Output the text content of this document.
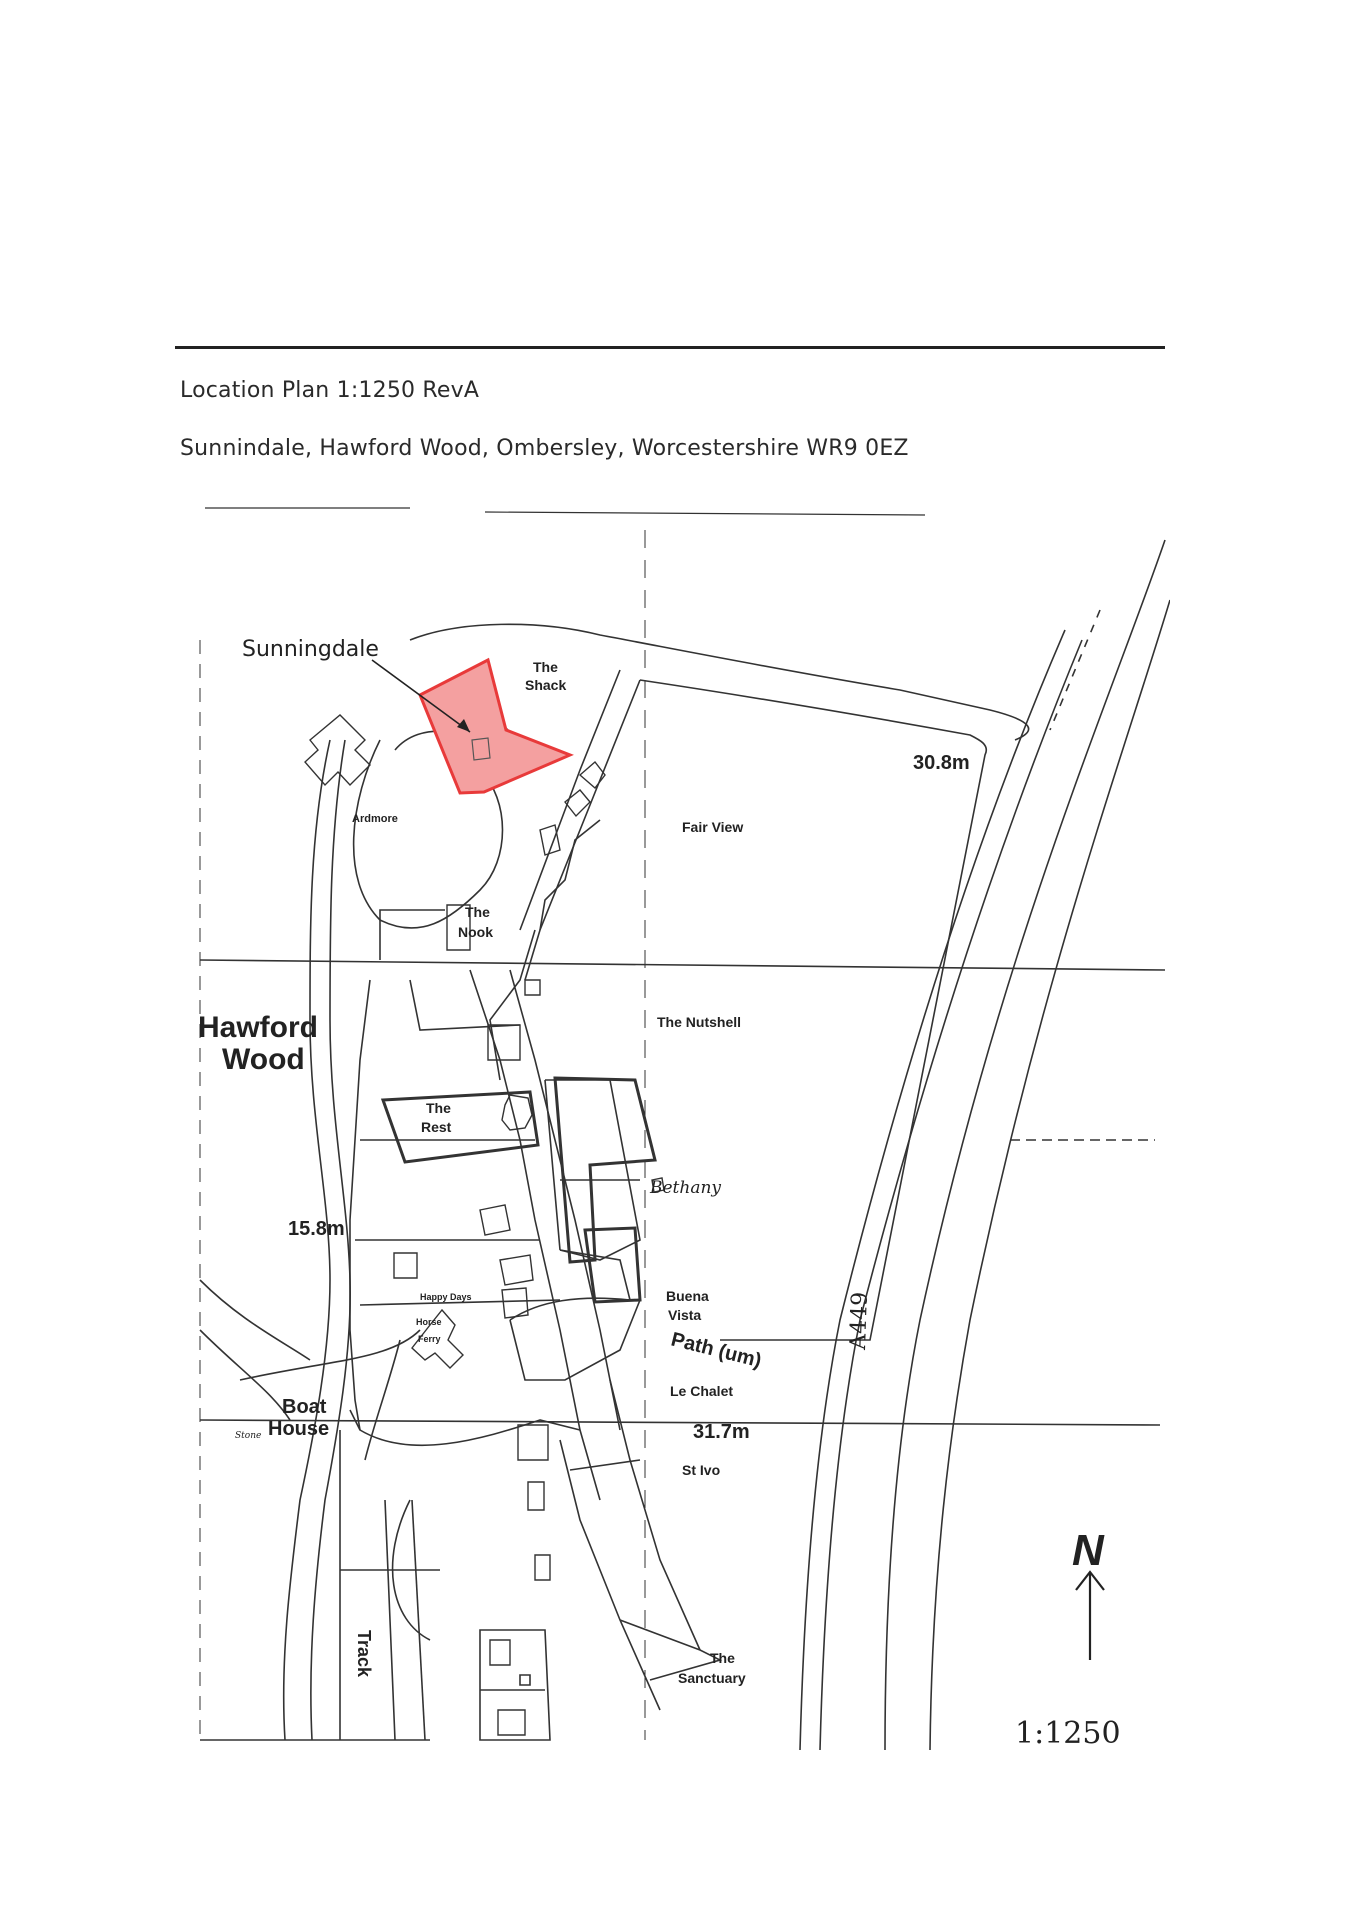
Location Plan 1:1250 RevA
Sunnindale, Hawford Wood, Ombersley, Worcestershire WR9 0EZ
Sunningdale
The
Shack
Ardmore	Fair View
The
Nook
Hawford
Wood
The Nutshell
The
Rest
Bethany
15.8m
Happy Days
Horse
Ferry
Buena
Vista
Path (um)
Le Chalet
Boat
House
Stone	31.7m
St Ivo
Track	The
Sanctuary
30.8m
A449
N
1:1250
